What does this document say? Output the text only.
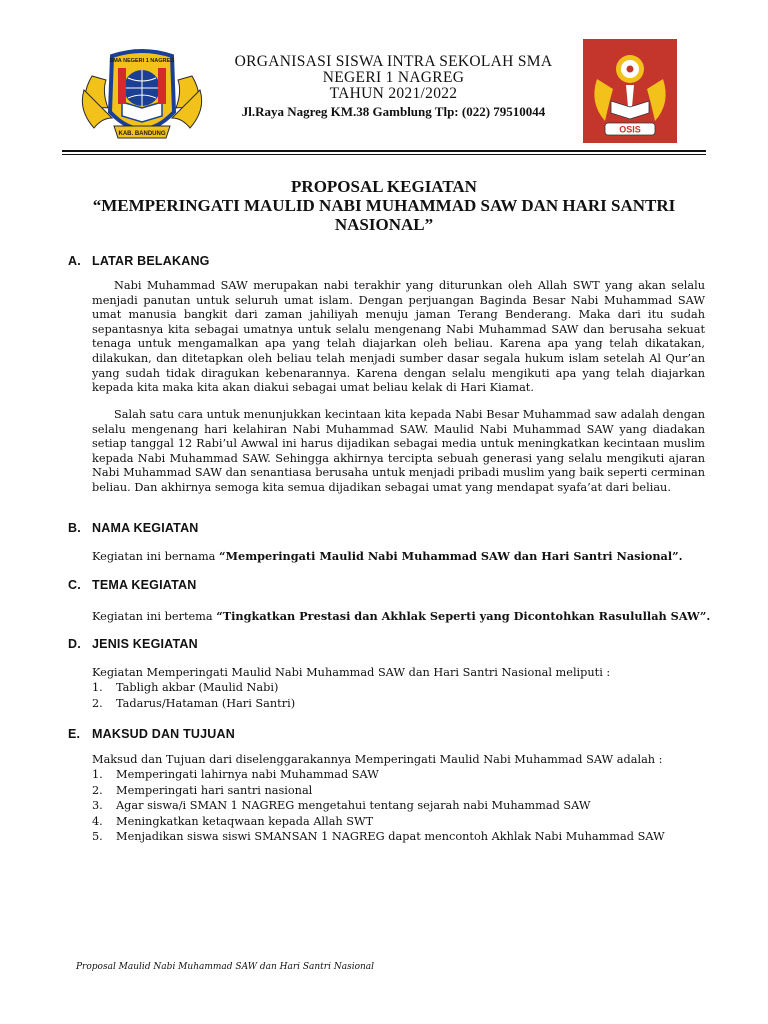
KAB. BANDUNG
SMA NEGERI 1 NAGREG	ORGANISASI SISWA INTRA SEKOLAH SMA
NEGERI 1 NAGREG
TAHUN 2021/2022
Jl.Raya Nagreg KM.38 Gamblung Tlp: (022) 79510044
OSIS
PROPOSAL KEGIATAN
“MEMPERINGATI MAULID NABI MUHAMMAD SAW DAN HARI SANTRI
NASIONAL”
A. LATAR BELAKANG
Nabi Muhammad SAW merupakan nabi terakhir yang diturunkan oleh Allah SWT yang akan selalu menjadi panutan untuk seluruh umat islam. Dengan perjuangan Baginda Besar Nabi Muhammad SAW umat manusia bangkit dari zaman jahiliyah menuju jaman Terang Benderang. Maka dari itu sudah sepantasnya kita sebagai umatnya untuk selalu mengenang Nabi Muhammad SAW dan berusaha sekuat tenaga untuk mengamalkan apa yang telah diajarkan oleh beliau. Karena apa yang telah dikatakan, dilakukan, dan ditetapkan oleh beliau telah menjadi sumber dasar segala hukum islam setelah Al Qur’an yang sudah tidak diragukan kebenarannya. Karena dengan selalu mengikuti apa yang telah diajarkan kepada kita maka kita akan diakui sebagai umat beliau kelak di Hari Kiamat.
Salah satu cara untuk menunjukkan kecintaan kita kepada Nabi Besar Muhammad saw adalah dengan selalu mengenang hari kelahiran Nabi Muhammad SAW. Maulid Nabi Muhammad SAW yang diadakan setiap tanggal 12 Rabi’ul Awwal ini harus dijadikan sebagai media untuk meningkatkan kecintaan muslim kepada Nabi Muhammad SAW. Sehingga akhirnya tercipta sebuah generasi yang selalu mengikuti ajaran Nabi Muhammad SAW dan senantiasa berusaha untuk menjadi pribadi muslim yang baik seperti cerminan beliau. Dan akhirnya semoga kita semua dijadikan sebagai umat yang mendapat syafa’at dari beliau.
B. NAMA KEGIATAN
Kegiatan ini bernama “Memperingati Maulid Nabi Muhammad SAW dan Hari Santri Nasional”.
C. TEMA KEGIATAN
Kegiatan ini bertema “Tingkatkan Prestasi dan Akhlak Seperti yang Dicontohkan Rasulullah SAW”.
D. JENIS KEGIATAN
Kegiatan Memperingati Maulid Nabi Muhammad SAW dan Hari Santri Nasional meliputi :
1. Tabligh akbar (Maulid Nabi)
2. Tadarus/Hataman (Hari Santri)
E. MAKSUD DAN TUJUAN
Maksud dan Tujuan dari diselenggarakannya Memperingati Maulid Nabi Muhammad SAW adalah :
1. Memperingati lahirnya nabi Muhammad SAW
2. Memperingati hari santri nasional
3. Agar siswa/i SMAN 1 NAGREG mengetahui tentang sejarah nabi Muhammad SAW
4. Meningkatkan ketaqwaan kepada Allah SWT
5. Menjadikan siswa siswi SMANSAN 1 NAGREG dapat mencontoh Akhlak Nabi Muhammad SAW
Proposal Maulid Nabi Muhammad SAW dan Hari Santri Nasional
